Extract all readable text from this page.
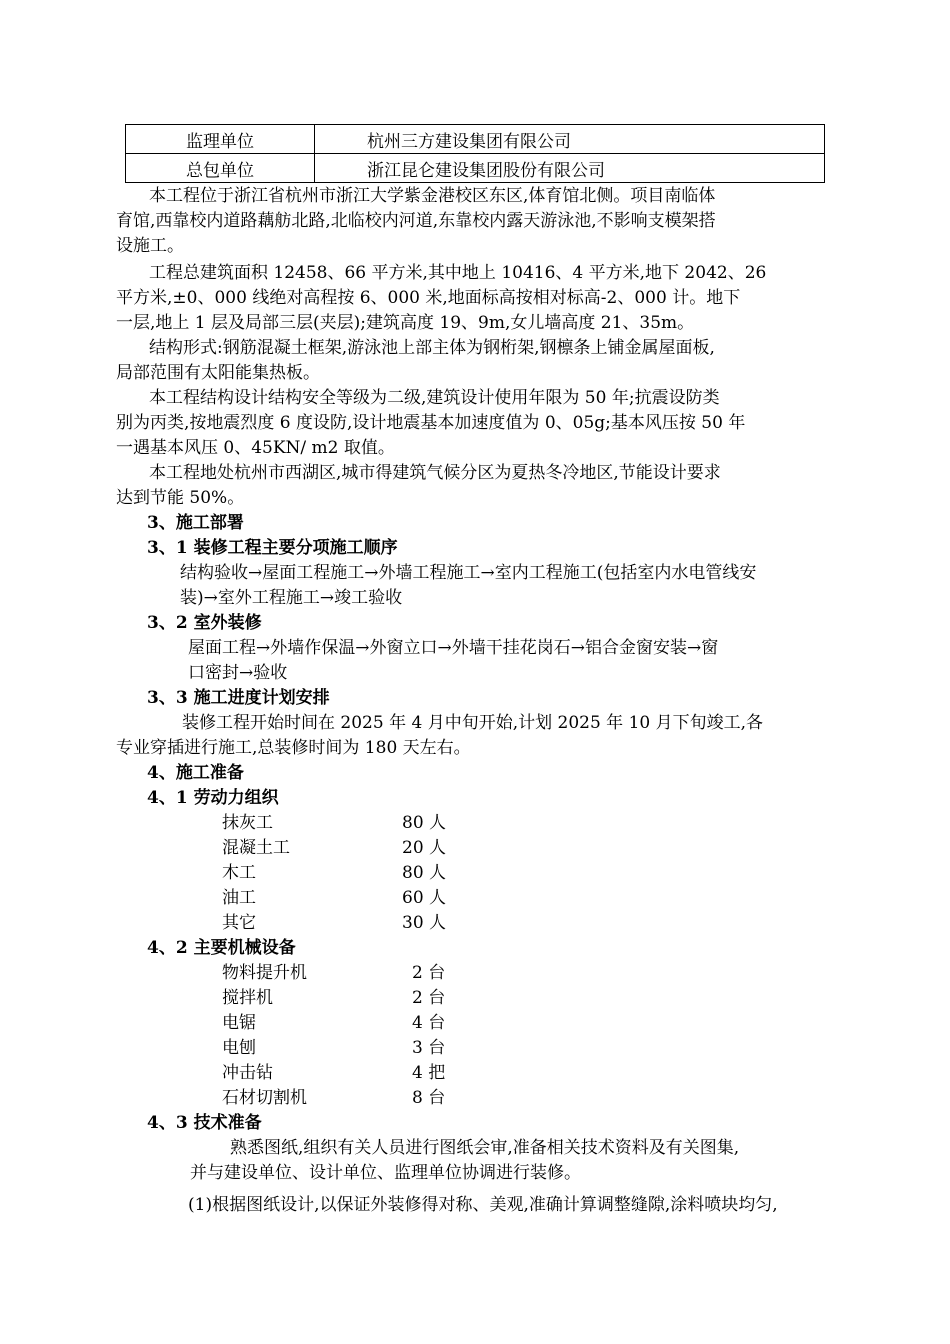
监理单位	杭州三方建设集团有限公司
总包单位	浙江昆仑建设集团股份有限公司
本工程位于浙江省杭州市浙江大学紫金港校区东区,体育馆北侧。项目南临体
育馆,西靠校内道路藕舫北路,北临校内河道,东靠校内露天游泳池,不影响支模架搭
设施工。
工程总建筑面积 12458、66 平方米,其中地上 10416、4 平方米,地下 2042、26
平方米,±0、000 线绝对高程按 6、000 米,地面标高按相对标高-2、000 计。地下
一层,地上 1 层及局部三层(夹层);建筑高度 19、9m,女儿墙高度 21、35m。
结构形式:钢筋混凝土框架,游泳池上部主体为钢桁架,钢檩条上铺金属屋面板,
局部范围有太阳能集热板。
本工程结构设计结构安全等级为二级,建筑设计使用年限为 50 年;抗震设防类
别为丙类,按地震烈度 6 度设防,设计地震基本加速度值为 0、05g;基本风压按 50 年
一遇基本风压 0、45KN/ m2 取值。
本工程地处杭州市西湖区,城市得建筑气候分区为夏热冬冷地区,节能设计要求
达到节能 50%。
3、施工部署
3、1 装修工程主要分项施工顺序
结构验收→屋面工程施工→外墙工程施工→室内工程施工(包括室内水电管线安
装)→室外工程施工→竣工验收
3、2 室外装修
屋面工程→外墙作保温→外窗立口→外墙干挂花岗石→铝合金窗安装→窗
口密封→验收
3、3 施工进度计划安排
装修工程开始时间在 2025 年 4 月中旬开始,计划 2025 年 10 月下旬竣工,各
专业穿插进行施工,总装修时间为 180 天左右。
4、施工准备
4、1 劳动力组织
抹灰工	80 人
混凝土工	20 人
木工	80 人
油工	60 人
其它	30 人
4、2 主要机械设备
物料提升机	2 台
搅拌机	2 台
电锯	4 台
电刨	3 台
冲击钻	4 把
石材切割机	8 台
4、3 技术准备
熟悉图纸,组织有关人员进行图纸会审,准备相关技术资料及有关图集,
并与建设单位、设计单位、监理单位协调进行装修。
(1)根据图纸设计,以保证外装修得对称、美观,准确计算调整缝隙,涂料喷块均匀,
